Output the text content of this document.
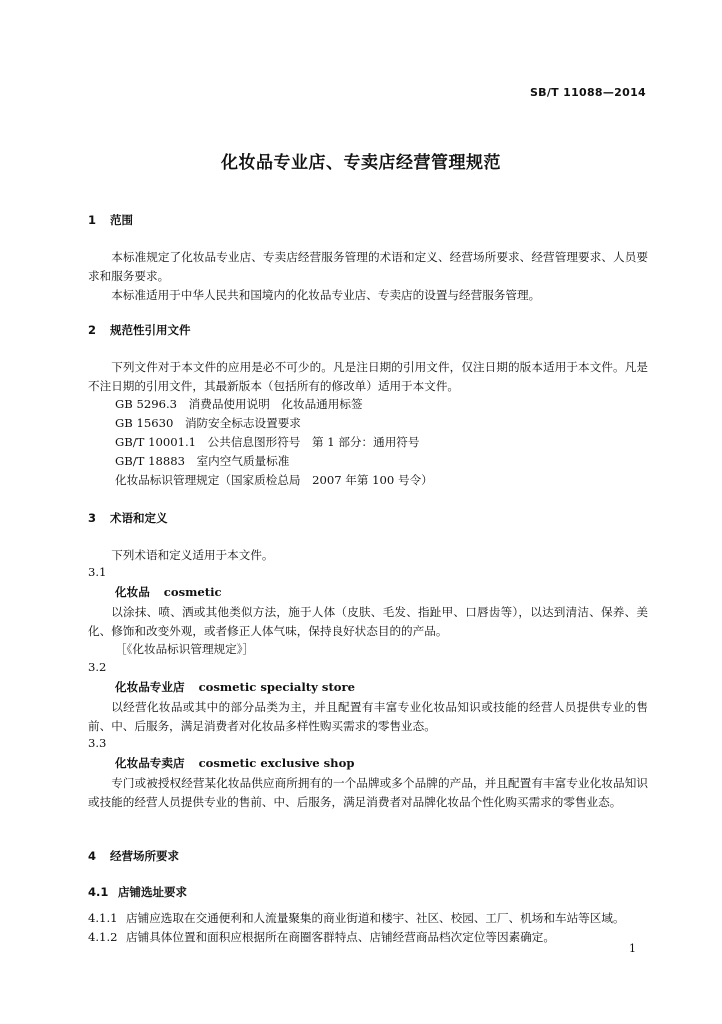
SB/T 11088—2014
化妆品专业店、专卖店经营管理规范
1 范围
本标准规定了化妆品专业店、专卖店经营服务管理的术语和定义、经营场所要求、经营管理要求、人员要求和服务要求。
本标准适用于中华人民共和国境内的化妆品专业店、专卖店的设置与经营服务管理。
2 规范性引用文件
下列文件对于本文件的应用是必不可少的。凡是注日期的引用文件，仅注日期的版本适用于本文件。凡是不注日期的引用文件，其最新版本（包括所有的修改单）适用于本文件。
GB 5296.3　消费品使用说明　化妆品通用标签
GB 15630　消防安全标志设置要求
GB/T 10001.1　公共信息图形符号　第 1 部分：通用符号
GB/T 18883　室内空气质量标准
化妆品标识管理规定（国家质检总局　2007 年第 100 号令）
3 术语和定义
下列术语和定义适用于本文件。
3.1
化妆品 cosmetic
以涂抹、喷、洒或其他类似方法，施于人体（皮肤、毛发、指趾甲、口唇齿等），以达到清洁、保养、美化、修饰和改变外观，或者修正人体气味，保持良好状态目的的产品。
［《化妆品标识管理规定》］
3.2
化妆品专业店 cosmetic specialty store
以经营化妆品或其中的部分品类为主，并且配置有丰富专业化妆品知识或技能的经营人员提供专业的售前、中、后服务，满足消费者对化妆品多样性购买需求的零售业态。
3.3
化妆品专卖店 cosmetic exclusive shop
专门或被授权经营某化妆品供应商所拥有的一个品牌或多个品牌的产品，并且配置有丰富专业化妆品知识或技能的经营人员提供专业的售前、中、后服务，满足消费者对品牌化妆品个性化购买需求的零售业态。
4 经营场所要求
4.1 店铺选址要求
4.1.1 店铺应选取在交通便利和人流量聚集的商业街道和楼宇、社区、校园、工厂、机场和车站等区域。
4.1.2 店铺具体位置和面积应根据所在商圈客群特点、店铺经营商品档次定位等因素确定。
1
